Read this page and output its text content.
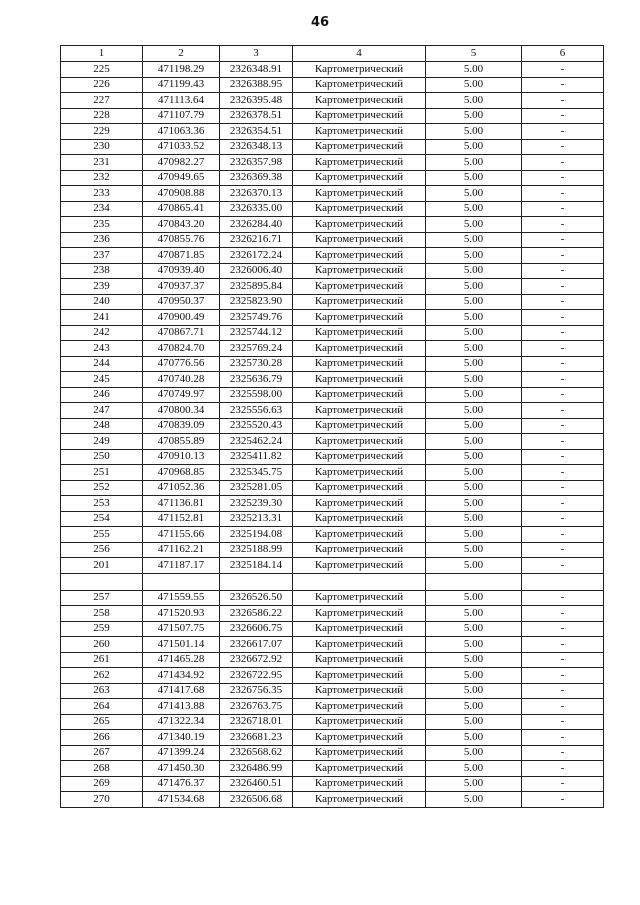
46
1	2	3	4	5	6
225	471198.29	2326348.91	Картометрический	5.00	-
226	471199.43	2326388.95	Картометрический	5.00	-
227	471113.64	2326395.48	Картометрический	5.00	-
228	471107.79	2326378.51	Картометрический	5.00	-
229	471063.36	2326354.51	Картометрический	5.00	-
230	471033.52	2326348.13	Картометрический	5.00	-
231	470982.27	2326357.98	Картометрический	5.00	-
232	470949.65	2326369.38	Картометрический	5.00	-
233	470908.88	2326370.13	Картометрический	5.00	-
234	470865.41	2326335.00	Картометрический	5.00	-
235	470843.20	2326284.40	Картометрический	5.00	-
236	470855.76	2326216.71	Картометрический	5.00	-
237	470871.85	2326172.24	Картометрический	5.00	-
238	470939.40	2326006.40	Картометрический	5.00	-
239	470937.37	2325895.84	Картометрический	5.00	-
240	470950.37	2325823.90	Картометрический	5.00	-
241	470900.49	2325749.76	Картометрический	5.00	-
242	470867.71	2325744.12	Картометрический	5.00	-
243	470824.70	2325769.24	Картометрический	5.00	-
244	470776.56	2325730.28	Картометрический	5.00	-
245	470740.28	2325636.79	Картометрический	5.00	-
246	470749.97	2325598.00	Картометрический	5.00	-
247	470800.34	2325556.63	Картометрический	5.00	-
248	470839.09	2325520.43	Картометрический	5.00	-
249	470855.89	2325462.24	Картометрический	5.00	-
250	470910.13	2325411.82	Картометрический	5.00	-
251	470968.85	2325345.75	Картометрический	5.00	-
252	471052.36	2325281.05	Картометрический	5.00	-
253	471136.81	2325239.30	Картометрический	5.00	-
254	471152.81	2325213.31	Картометрический	5.00	-
255	471155.66	2325194.08	Картометрический	5.00	-
256	471162.21	2325188.99	Картометрический	5.00	-
201	471187.17	2325184.14	Картометрический	5.00	-

257	471559.55	2326526.50	Картометрический	5.00	-
258	471520.93	2326586.22	Картометрический	5.00	-
259	471507.75	2326606.75	Картометрический	5.00	-
260	471501.14	2326617.07	Картометрический	5.00	-
261	471465.28	2326672.92	Картометрический	5.00	-
262	471434.92	2326722.95	Картометрический	5.00	-
263	471417.68	2326756.35	Картометрический	5.00	-
264	471413.88	2326763.75	Картометрический	5.00	-
265	471322.34	2326718.01	Картометрический	5.00	-
266	471340.19	2326681.23	Картометрический	5.00	-
267	471399.24	2326568.62	Картометрический	5.00	-
268	471450.30	2326486.99	Картометрический	5.00	-
269	471476.37	2326460.51	Картометрический	5.00	-
270	471534.68	2326506.68	Картометрический	5.00	-
